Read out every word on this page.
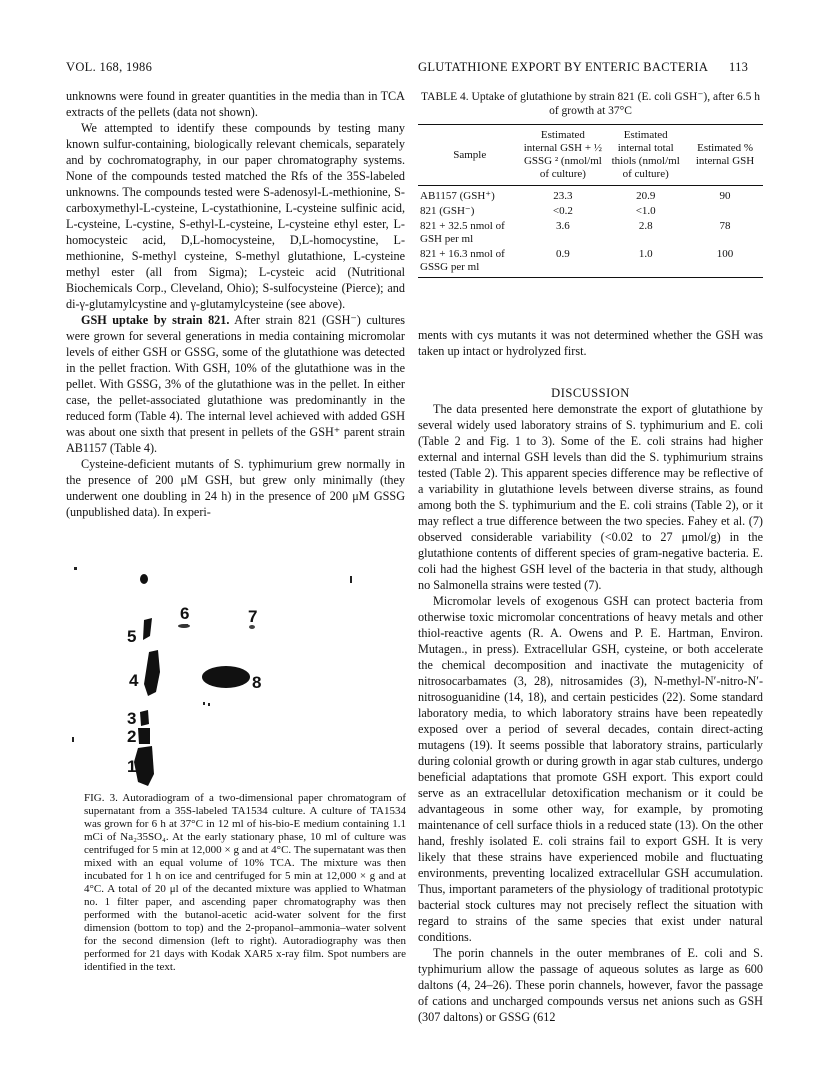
VOL. 168, 1986	GLUTATHIONE EXPORT BY ENTERIC BACTERIA 113

unknowns were found in greater quantities in the media than in TCA extracts of the pellets (data not shown).

We attempted to identify these compounds by testing many known sulfur-containing, biologically relevant chemicals, separately and by cochromatography, in our paper chromatography systems. None of the compounds tested matched the Rfs of the 35S-labeled unknowns. The compounds tested were S-adenosyl-L-methionine, S-carboxymethyl-L-cysteine, L-cystathionine, L-cysteine sulfinic acid, L-cysteine, L-cystine, S-ethyl-L-cysteine, L-cysteine ethyl ester, L-homocysteic acid, D,L-homocysteine, D,L-homocystine, L-methionine, S-methyl cysteine, S-methyl glutathione, L-cysteine methyl ester (all from Sigma); L-cysteic acid (Nutritional Biochemicals Corp., Cleveland, Ohio); S-sulfocysteine (Pierce); and di-γ-glutamylcystine and γ-glutamylcysteine (see above).

GSH uptake by strain 821. After strain 821 (GSH⁻) cultures were grown for several generations in media containing micromolar levels of either GSH or GSSG, some of the glutathione was detected in the pellet fraction. With GSH, 10% of the glutathione was in the pellet. With GSSG, 3% of the glutathione was in the pellet. In either case, the pellet-associated glutathione was predominantly in the reduced form (Table 4). The internal level achieved with added GSH was about one sixth that present in pellets of the GSH⁺ parent strain AB1157 (Table 4).

Cysteine-deficient mutants of S. typhimurium grew normally in the presence of 200 μM GSH, but grew only minimally (they underwent one doubling in 24 h) in the presence of 200 μM GSSG (unpublished data). In experi-

6	7
5
4	8
3
2
1
FIG. 3. Autoradiogram of a two-dimensional paper chromatogram of supernatant from a 35S-labeled TA1534 culture. A culture of TA1534 was grown for 6 h at 37°C in 12 ml of his-bio-E medium containing 1.1 mCi of Na₂35SO₄. At the early stationary phase, 10 ml of culture was centrifuged for 5 min at 12,000 × g and at 4°C. The supernatant was then mixed with an equal volume of 10% TCA. The mixture was then incubated for 1 h on ice and centrifuged for 5 min at 12,000 × g and at 4°C. A total of 20 μl of the decanted mixture was applied to Whatman no. 1 filter paper, and ascending paper chromatography was then performed with the butanol-acetic acid-water solvent for the first dimension (bottom to top) and the 2-propanol–ammonia–water solvent for the second dimension (left to right). Autoradiography was then performed for 21 days with Kodak XAR5 x-ray film. Spot numbers are identified in the text.
TABLE 4. Uptake of glutathione by strain 821 (E. coli GSH⁻), after 6.5 h of growth at 37°C
Sample	Estimated internal GSH + ½ GSSG ² (nmol/ml of culture)	Estimated internal total thiols (nmol/ml of culture)	Estimated % internal GSH
AB1157 (GSH⁺)	23.3	20.9	90
821 (GSH⁻)	<0.2	<1.0	
821 + 32.5 nmol of GSH per ml	3.6	2.8	78
821 + 16.3 nmol of GSSG per ml	0.9	1.0	100

ments with cys mutants it was not determined whether the GSH was taken up intact or hydrolyzed first.

DISCUSSION

The data presented here demonstrate the export of glutathione by several widely used laboratory strains of S. typhimurium and E. coli (Table 2 and Fig. 1 to 3). Some of the E. coli strains had higher external and internal GSH levels than did the S. typhimurium strains tested (Table 2). This apparent species difference may be reflective of a variability in glutathione levels between diverse strains, as found among both the S. typhimurium and the E. coli strains (Table 2), or it may reflect a true difference between the two species. Fahey et al. (7) observed considerable variability (<0.02 to 27 μmol/g) in the glutathione contents of different species of gram-negative bacteria. E. coli had the highest GSH level of the bacteria in that study, although no Salmonella strains were tested (7).

Micromolar levels of exogenous GSH can protect bacteria from otherwise toxic micromolar concentrations of heavy metals and other thiol-reactive agents (R. A. Owens and P. E. Hartman, Environ. Mutagen., in press). Extracellular GSH, cysteine, or both accelerate the chemical decomposition and inactivate the mutagenicity of nitrosocarbamates (3, 28), nitrosamides (3), N-methyl-N′-nitro-N′-nitrosoguanidine (14, 18), and certain pesticides (22). Some standard laboratory media, to which laboratory strains have been repeatedly exposed over a period of several decades, contain direct-acting mutagens (19). It seems possible that laboratory strains, particularly during colonial growth or during growth in agar stab cultures, undergo beneficial adaptations that promote GSH export. This export could serve as an extracellular detoxification mechanism or it could be advantageous in some other way, for example, by promoting maintenance of cell surface thiols in a reduced state (13). On the other hand, freshly isolated E. coli strains fail to export GSH. It is very likely that these strains have experienced mobile and fluctuating environments, preventing localized extracellular GSH accumulation. Thus, important parameters of the physiology of traditional prototypic bacterial stock cultures may not precisely reflect the situation with regard to strains of the same species that exist under natural conditions.

The porin channels in the outer membranes of E. coli and S. typhimurium allow the passage of aqueous solutes as large as 600 daltons (4, 24–26). These porin channels, however, favor the passage of cations and uncharged compounds versus net anions such as GSH (307 daltons) or GSSG (612
